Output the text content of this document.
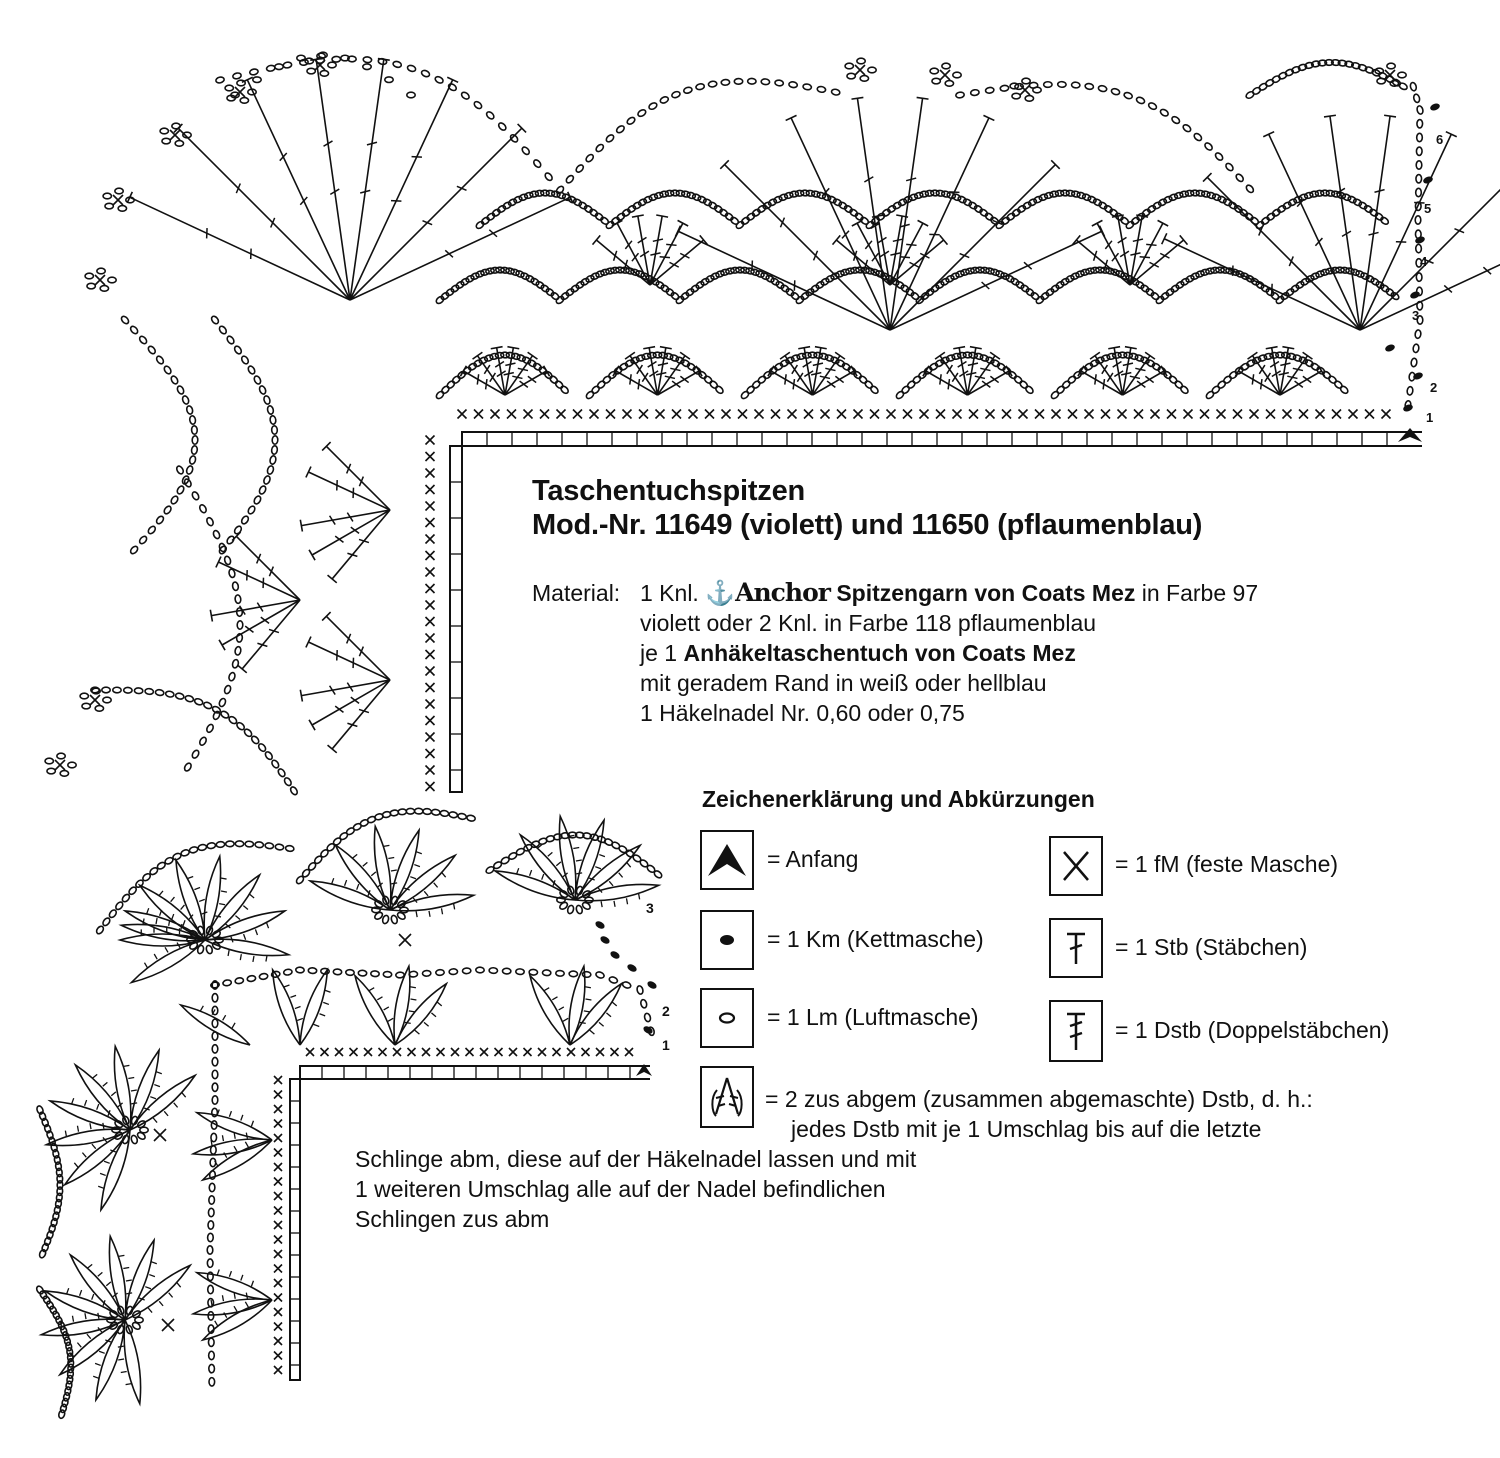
1
2
3
4
5
6
1
2
3
Taschentuchspitzen
Mod.-Nr. 11649 (violett) und 11650 (pflaumenblau)
Material: 1 Knl. ⚓Anchor Spitzengarn von Coats Mez in Farbe 97
violett oder 2 Knl. in Farbe 118 pflaumenblau
je 1 Anhäkeltaschentuch von Coats Mez
mit geradem Rand in weiß oder hellblau
1 Häkelnadel Nr. 0,60 oder 0,75
Zeichenerklärung und Abkürzungen
= Anfang	= 1 fM (feste Masche)
= 1 Km (Kettmasche)	= 1 Stb (Stäbchen)
= 1 Lm (Luftmasche)	= 1 Dstb (Doppelstäbchen)
= 2 zus abgem (zusammen abgemaschte) Dstb, d. h.:
jedes Dstb mit je 1 Umschlag bis auf die letzte
Schlinge abm, diese auf der Häkelnadel lassen und mit
1 weiteren Umschlag alle auf der Nadel befindlichen
Schlingen zus abm
